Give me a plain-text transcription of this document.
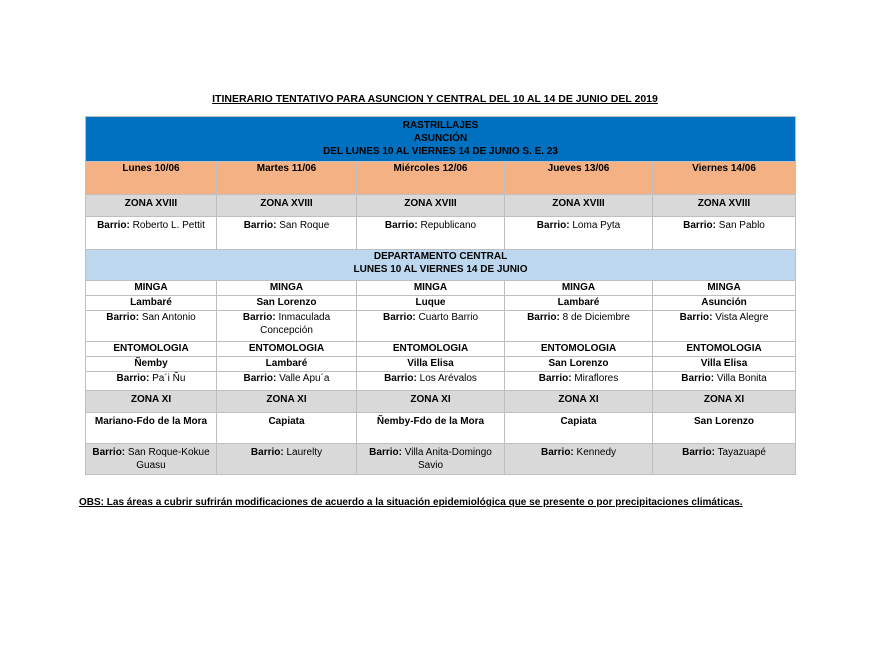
ITINERARIO TENTATIVO PARA ASUNCION Y CENTRAL DEL 10 AL 14 DE JUNIO DEL 2019
RASTRILLAJES
ASUNCIÓN
DEL LUNES 10 AL VIERNES 14 DE JUNIO S. E. 23				

Lunes 10/06	Martes 11/06	Miércoles 12/06	Jueves 13/06	Viernes 14/06
ZONA XVIII	ZONA XVIII	ZONA XVIII	ZONA XVIII	ZONA XVIII
Barrio: Roberto L. Pettit	Barrio: San Roque	Barrio: Republicano	Barrio: Loma Pyta	Barrio: San Pablo

DEPARTAMENTO CENTRAL
LUNES 10 AL VIERNES 14 DE JUNIO				

MINGA	MINGA	MINGA	MINGA	MINGA
Lambaré	San Lorenzo	Luque	Lambaré	Asunción
Barrio: San Antonio	Barrio: Inmaculada Concepción	Barrio: Cuarto Barrio	Barrio: 8 de Diciembre	Barrio: Vista Alegre
ENTOMOLOGIA	ENTOMOLOGIA	ENTOMOLOGIA	ENTOMOLOGIA	ENTOMOLOGIA
Ñemby	Lambaré	Villa Elisa	San Lorenzo	Villa Elisa
Barrio: Pa´i Ñu	Barrio: Valle Apu´a	Barrio: Los Arévalos	Barrio: Miraflores	Barrio: Villa Bonita
ZONA XI	ZONA XI	ZONA XI	ZONA XI	ZONA XI
Mariano-Fdo de la Mora	Capiata	Ñemby-Fdo de la Mora	Capiata	San Lorenzo
Barrio: San Roque-Kokue Guasu	Barrio: Laurelty	Barrio: Villa Anita-Domingo Savio	Barrio: Kennedy	Barrio: Tayazuapé
OBS: Las áreas a cubrir sufrirán modificaciones de acuerdo a la situación epidemiológica que se presente o por precipitaciones climáticas.
